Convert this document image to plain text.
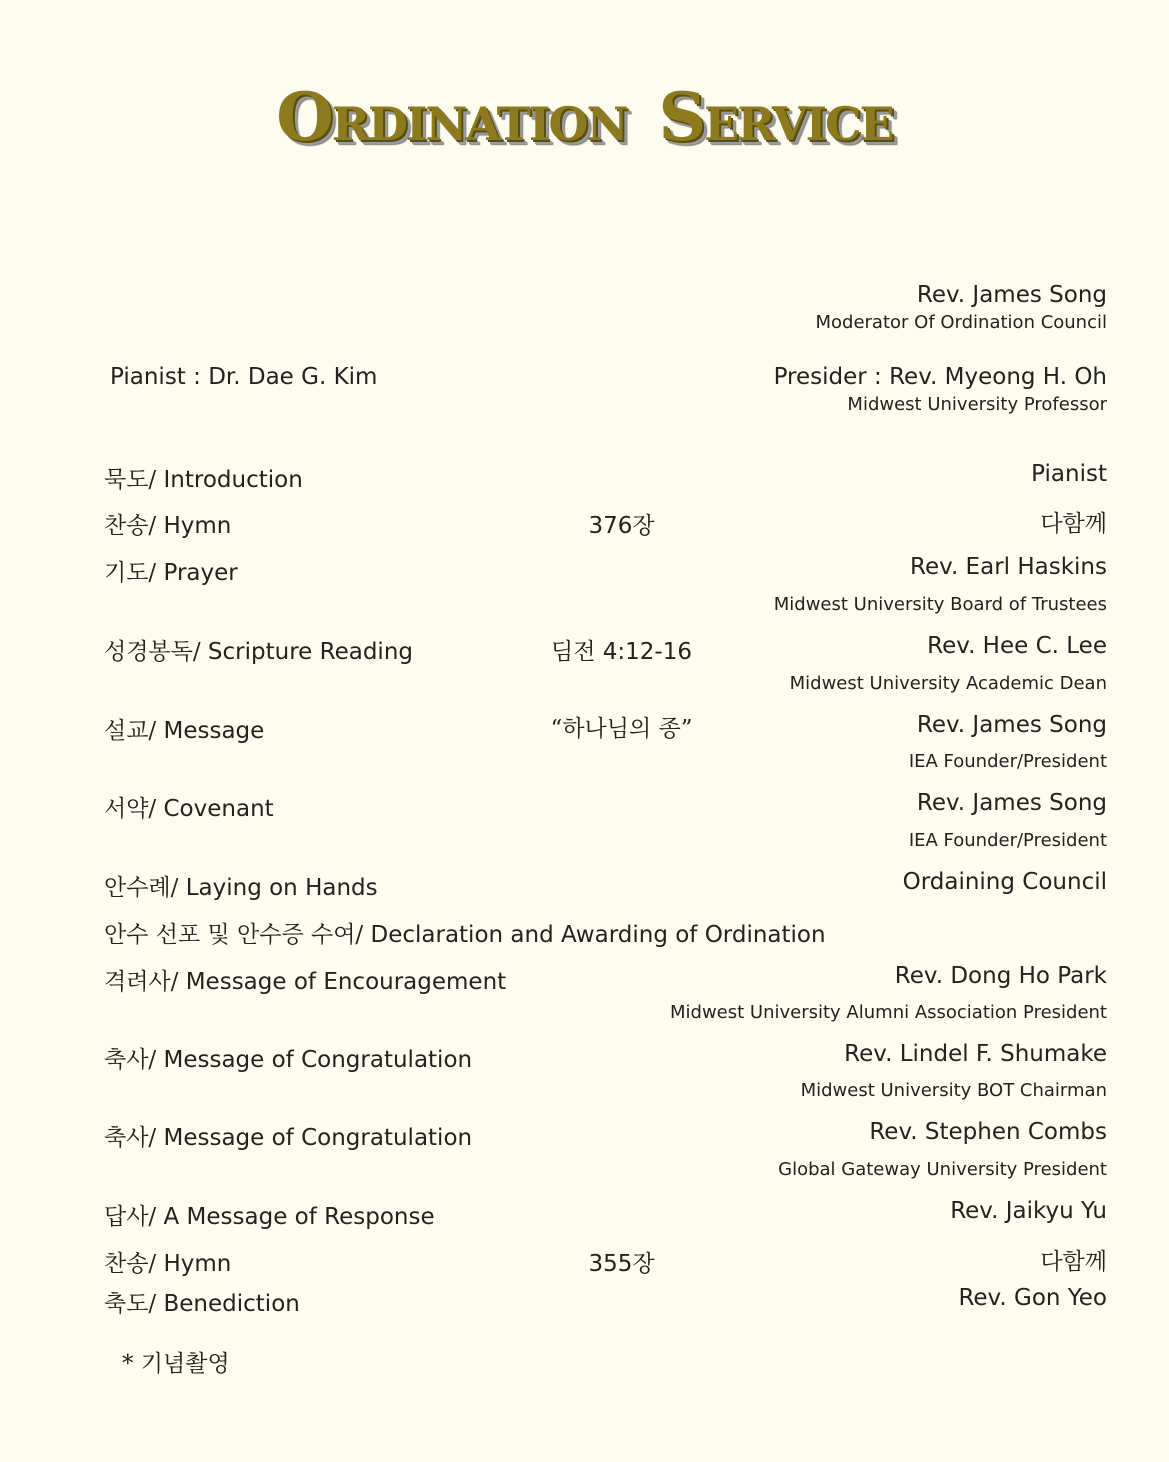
Ordination Service
Rev. James Song
Moderator Of Ordination Council
Pianist : Dr. Dae G. Kim	Presider : Rev. Myeong H. Oh
Midwest University Professor
묵도/ Introduction	Pianist
찬송/ Hymn	376장	다함께
기도/ Prayer	Rev. Earl Haskins
Midwest University Board of Trustees
성경봉독/ Scripture Reading	딤전 4:12-16	Rev. Hee C. Lee
Midwest University Academic Dean
설교/ Message	“하나님의 종”	Rev. James Song
IEA Founder/President
서약/ Covenant	Rev. James Song
IEA Founder/President
안수례/ Laying on Hands	Ordaining Council
안수 선포 및 안수증 수여/ Declaration and Awarding of Ordination
격려사/ Message of Encouragement	Rev. Dong Ho Park
Midwest University Alumni Association President
축사/ Message of Congratulation	Rev. Lindel F. Shumake
Midwest University BOT Chairman
축사/ Message of Congratulation	Rev. Stephen Combs
Global Gateway University President
답사/ A Message of Response	Rev. Jaikyu Yu
찬송/ Hymn	355장	다함께
축도/ Benediction	Rev. Gon Yeo
* 기념촬영
